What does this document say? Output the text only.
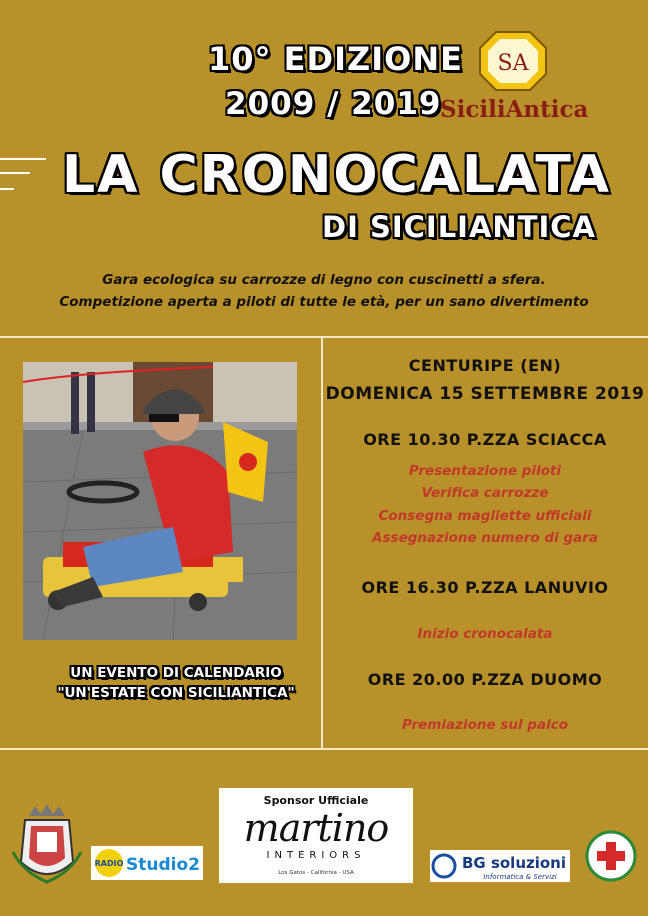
10° EDIZIONE
2009 / 2019
SA
SiciliAntica
LA CRONOCALATA
DI SICILIANTICA
Gara ecologica su carrozze di legno con cuscinetti a sfera.
Competizione aperta a piloti di tutte le età, per un sano divertimento
UN EVENTO DI CALENDARIO
"UN'ESTATE CON SICILIANTICA"
CENTURIPE (EN)
DOMENICA 15 SETTEMBRE 2019
ORE 10.30 P.ZZA SCIACCA
Presentazione piloti
Verifica carrozze
Consegna magliette ufficiali
Assegnazione numero di gara
ORE 16.30 P.ZZA LANUVIO
Inizio cronocalata
ORE 20.00 P.ZZA DUOMO
Premiazione sul palco
RADIO Studio2
Sponsor Ufficiale
martino
INTERIORS
Los Gatos - California - USA
BG soluzioni
Informatica & Servizi
